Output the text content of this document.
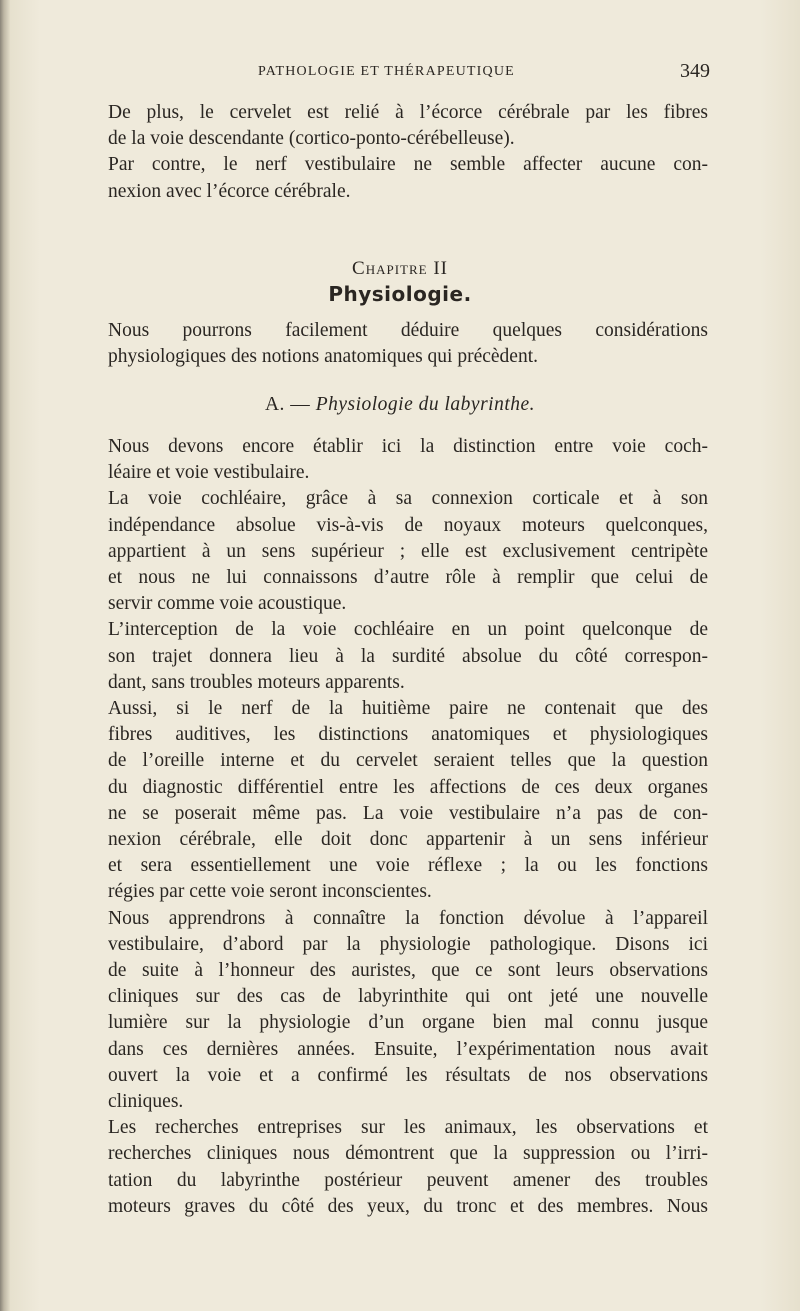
PATHOLOGIE ET THÉRAPEUTIQUE	349
De plus, le cervelet est relié à l’écorce cérébrale par les fibres
de la voie descendante (cortico-ponto-cérébelleuse).
Par contre, le nerf vestibulaire ne semble affecter aucune con-
nexion avec l’écorce cérébrale.
Chapitre II
Physiologie.
Nous pourrons facilement déduire quelques considérations
physiologiques des notions anatomiques qui précèdent.
A. — Physiologie du labyrinthe.
Nous devons encore établir ici la distinction entre voie coch-
léaire et voie vestibulaire.
La voie cochléaire, grâce à sa connexion corticale et à son
indépendance absolue vis-à-vis de noyaux moteurs quelconques,
appartient à un sens supérieur ; elle est exclusivement centripète
et nous ne lui connaissons d’autre rôle à remplir que celui de
servir comme voie acoustique.
L’interception de la voie cochléaire en un point quelconque de
son trajet donnera lieu à la surdité absolue du côté correspon-
dant, sans troubles moteurs apparents.
Aussi, si le nerf de la huitième paire ne contenait que des
fibres auditives, les distinctions anatomiques et physiologiques
de l’oreille interne et du cervelet seraient telles que la question
du diagnostic différentiel entre les affections de ces deux organes
ne se poserait même pas. La voie vestibulaire n’a pas de con-
nexion cérébrale, elle doit donc appartenir à un sens inférieur
et sera essentiellement une voie réflexe ; la ou les fonctions
régies par cette voie seront inconscientes.
Nous apprendrons à connaître la fonction dévolue à l’appareil
vestibulaire, d’abord par la physiologie pathologique. Disons ici
de suite à l’honneur des auristes, que ce sont leurs observations
cliniques sur des cas de labyrinthite qui ont jeté une nouvelle
lumière sur la physiologie d’un organe bien mal connu jusque
dans ces dernières années. Ensuite, l’expérimentation nous avait
ouvert la voie et a confirmé les résultats de nos observations
cliniques.
Les recherches entreprises sur les animaux, les observations et
recherches cliniques nous démontrent que la suppression ou l’irri-
tation du labyrinthe postérieur peuvent amener des troubles
moteurs graves du côté des yeux, du tronc et des membres. Nous
